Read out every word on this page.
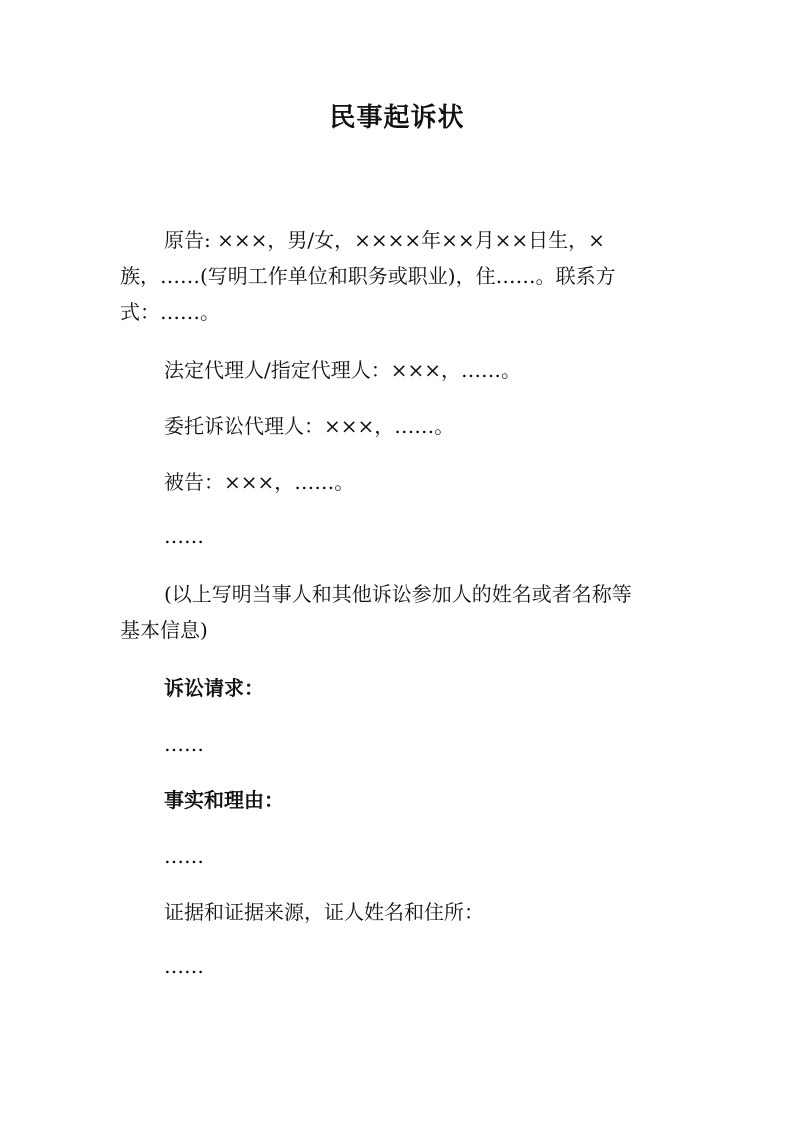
民事起诉状
原告: ×××，男/女，××××年××月××日生，×
族，……(写明工作单位和职务或职业)，住……。联系方
式：……。
法定代理人/指定代理人：×××，……。
委托诉讼代理人：×××，……。
被告：×××，……。
……
(以上写明当事人和其他诉讼参加人的姓名或者名称等
基本信息)
诉讼请求：
……
事实和理由：
……
证据和证据来源，证人姓名和住所：
……
